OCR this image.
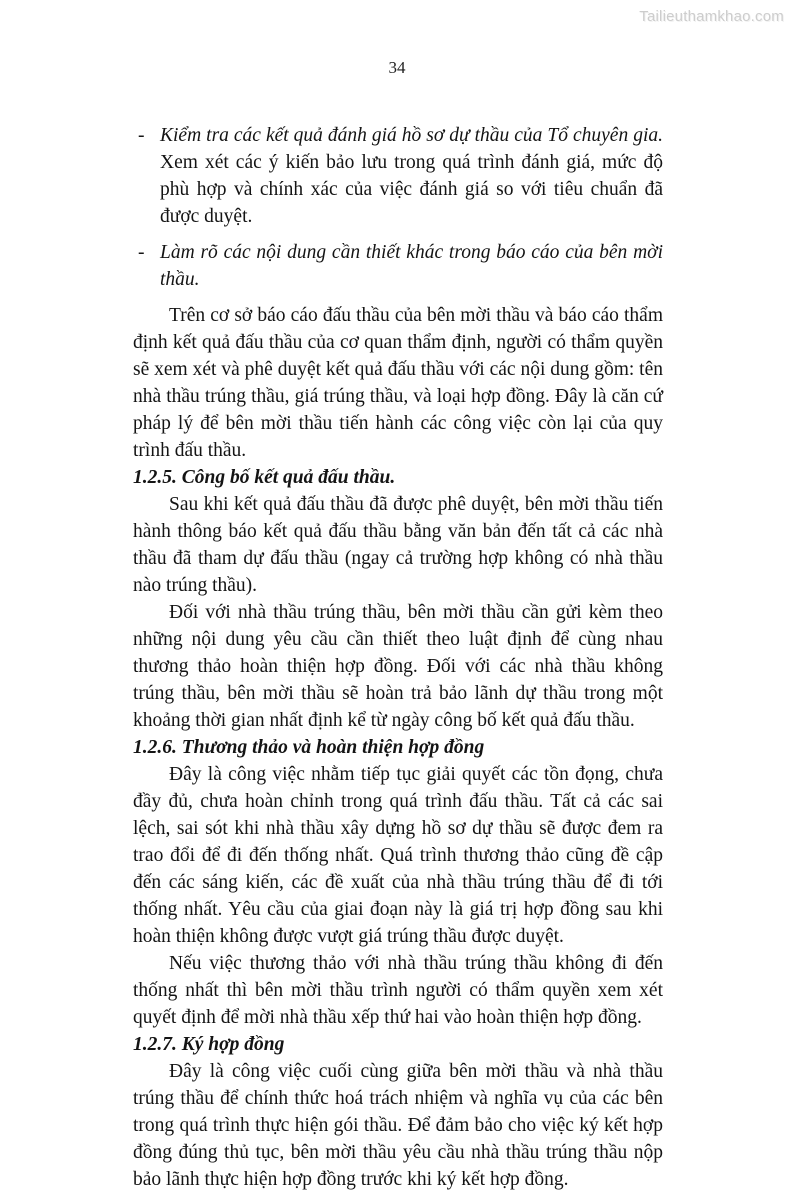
Tailieuthamkhao.com
34
- Kiểm tra các kết quả đánh giá hồ sơ dự thầu của Tổ chuyên gia. Xem xét các ý kiến bảo lưu trong quá trình đánh giá, mức độ phù hợp và chính xác của việc đánh giá so với tiêu chuẩn đã được duyệt.
- Làm rõ các nội dung cần thiết khác trong báo cáo của bên mời thầu.

Trên cơ sở báo cáo đấu thầu của bên mời thầu và báo cáo thẩm định kết quả đấu thầu của cơ quan thẩm định, người có thẩm quyền sẽ xem xét và phê duyệt kết quả đấu thầu với các nội dung gồm: tên nhà thầu trúng thầu, giá trúng thầu, và loại hợp đồng. Đây là căn cứ pháp lý để bên mời thầu tiến hành các công việc còn lại của quy trình đấu thầu.

1.2.5. Công bố kết quả đấu thầu.

Sau khi kết quả đấu thầu đã được phê duyệt, bên mời thầu tiến hành thông báo kết quả đấu thầu bằng văn bản đến tất cả các nhà thầu đã tham dự đấu thầu (ngay cả trường hợp không có nhà thầu nào trúng thầu).

Đối với nhà thầu trúng thầu, bên mời thầu cần gửi kèm theo những nội dung yêu cầu cần thiết theo luật định để cùng nhau thương thảo hoàn thiện hợp đồng. Đối với các nhà thầu không trúng thầu, bên mời thầu sẽ hoàn trả bảo lãnh dự thầu trong một khoảng thời gian nhất định kể từ ngày công bố kết quả đấu thầu.

1.2.6. Thương thảo và hoàn thiện hợp đồng

Đây là công việc nhằm tiếp tục giải quyết các tồn đọng, chưa đầy đủ, chưa hoàn chỉnh trong quá trình đấu thầu. Tất cả các sai lệch, sai sót khi nhà thầu xây dựng hồ sơ dự thầu sẽ được đem ra trao đổi để đi đến thống nhất. Quá trình thương thảo cũng đề cập đến các sáng kiến, các đề xuất của nhà thầu trúng thầu để đi tới thống nhất. Yêu cầu của giai đoạn này là giá trị hợp đồng sau khi hoàn thiện không được vượt giá trúng thầu được duyệt.

Nếu việc thương thảo với nhà thầu trúng thầu không đi đến thống nhất thì bên mời thầu trình người có thẩm quyền xem xét quyết định để mời nhà thầu xếp thứ hai vào hoàn thiện hợp đồng.

1.2.7. Ký hợp đồng

Đây là công việc cuối cùng giữa bên mời thầu và nhà thầu trúng thầu để chính thức hoá trách nhiệm và nghĩa vụ của các bên trong quá trình thực hiện gói thầu. Để đảm bảo cho việc ký kết hợp đồng đúng thủ tục, bên mời thầu yêu cầu nhà thầu trúng thầu nộp bảo lãnh thực hiện hợp đồng trước khi ký kết hợp đồng.
